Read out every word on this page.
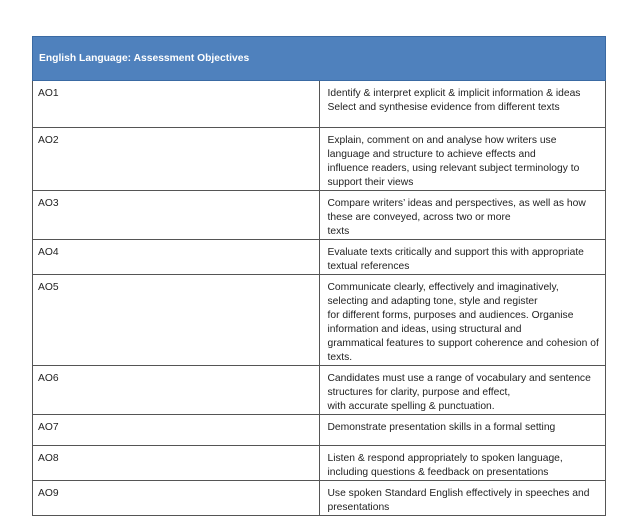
English Language: Assessment Objectives	
AO1	Identify & interpret explicit & implicit information & ideas
Select and synthesise evidence from different texts

AO2	Explain, comment on and analyse how writers use language and structure to achieve effects and
influence readers, using relevant subject terminology to support their views

AO3	Compare writers’ ideas and perspectives, as well as how these are conveyed, across two or more
texts

AO4	Evaluate texts critically and support this with appropriate textual references

AO5	Communicate clearly, effectively and imaginatively, selecting and adapting tone, style and register
for different forms, purposes and audiences. Organise information and ideas, using structural and
grammatical features to support coherence and cohesion of texts.

AO6	Candidates must use a range of vocabulary and sentence structures for clarity, purpose and effect,
with accurate spelling & punctuation.

AO7	Demonstrate presentation skills in a formal setting

AO8	Listen & respond appropriately to spoken language, including questions & feedback on presentations

AO9	Use spoken Standard English effectively in speeches and presentations
